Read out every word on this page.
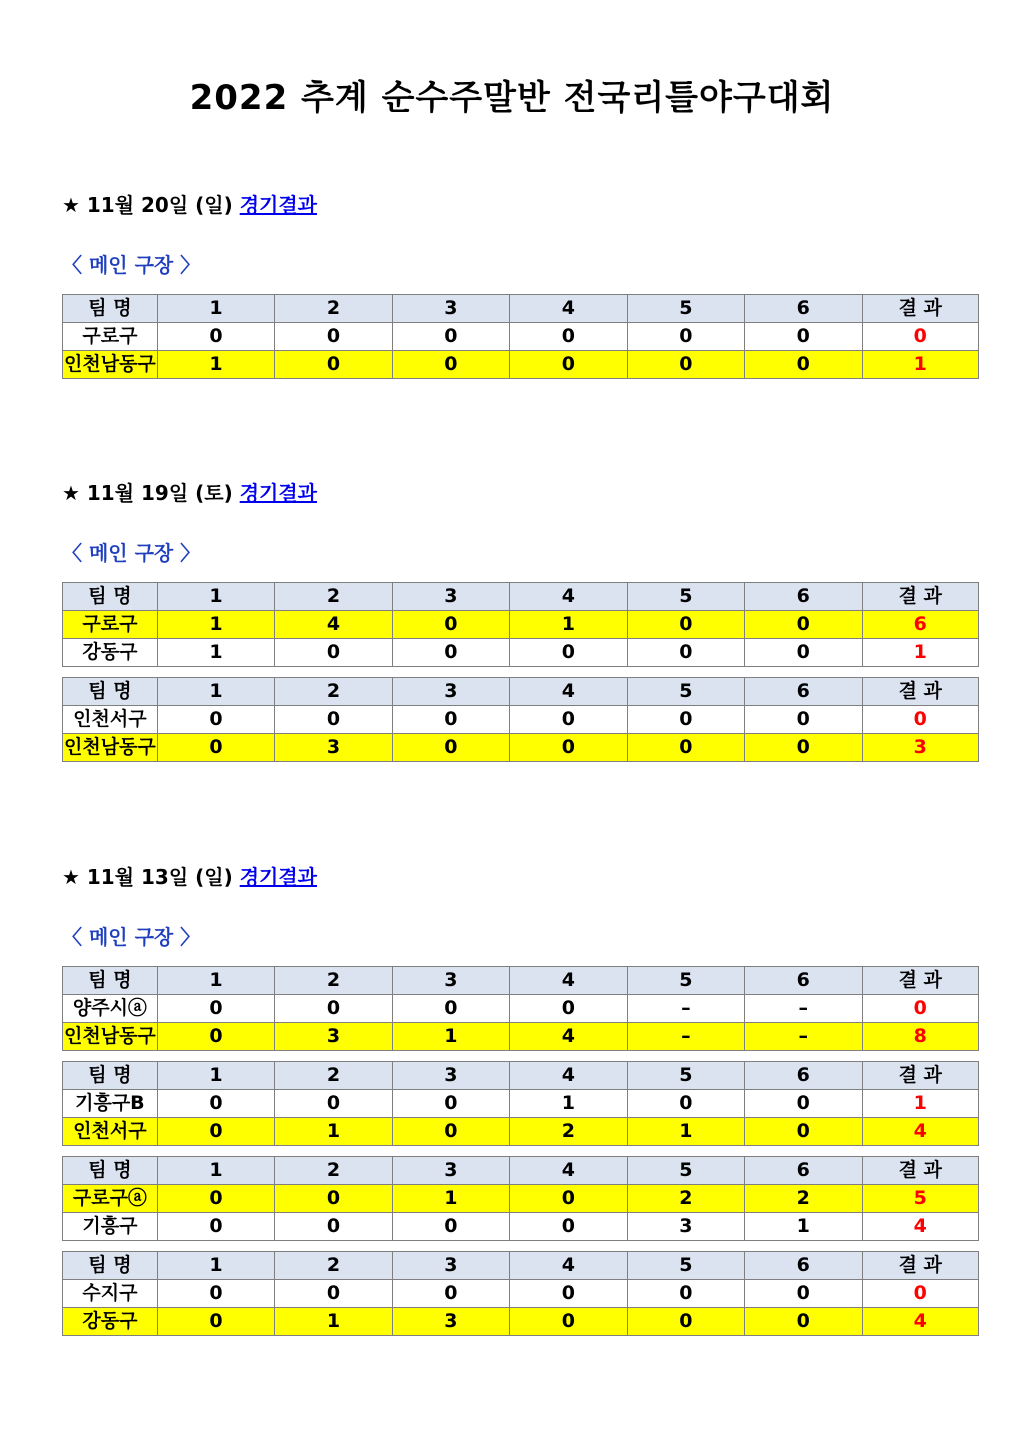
2022 추계 순수주말반 전국리틀야구대회
★ 11월 20일 (일) 경기결과
〈 메인 구장 〉
팀 명	1	2	3	4	5	6	결 과
구로구	0	0	0	0	0	0	0
인천남동구	1	0	0	0	0	0	1
★ 11월 19일 (토) 경기결과
〈 메인 구장 〉
팀 명	1	2	3	4	5	6	결 과
구로구	1	4	0	1	0	0	6
강동구	1	0	0	0	0	0	1
팀 명	1	2	3	4	5	6	결 과
인천서구	0	0	0	0	0	0	0
인천남동구	0	3	0	0	0	0	3
★ 11월 13일 (일) 경기결과
〈 메인 구장 〉
팀 명	1	2	3	4	5	6	결 과
양주시ⓐ	0	0	0	0	–	–	0
인천남동구	0	3	1	4	–	–	8
팀 명	1	2	3	4	5	6	결 과
기흥구B	0	0	0	1	0	0	1
인천서구	0	1	0	2	1	0	4
팀 명	1	2	3	4	5	6	결 과
구로구ⓐ	0	0	1	0	2	2	5
기흥구	0	0	0	0	3	1	4
팀 명	1	2	3	4	5	6	결 과
수지구	0	0	0	0	0	0	0
강동구	0	1	3	0	0	0	4
